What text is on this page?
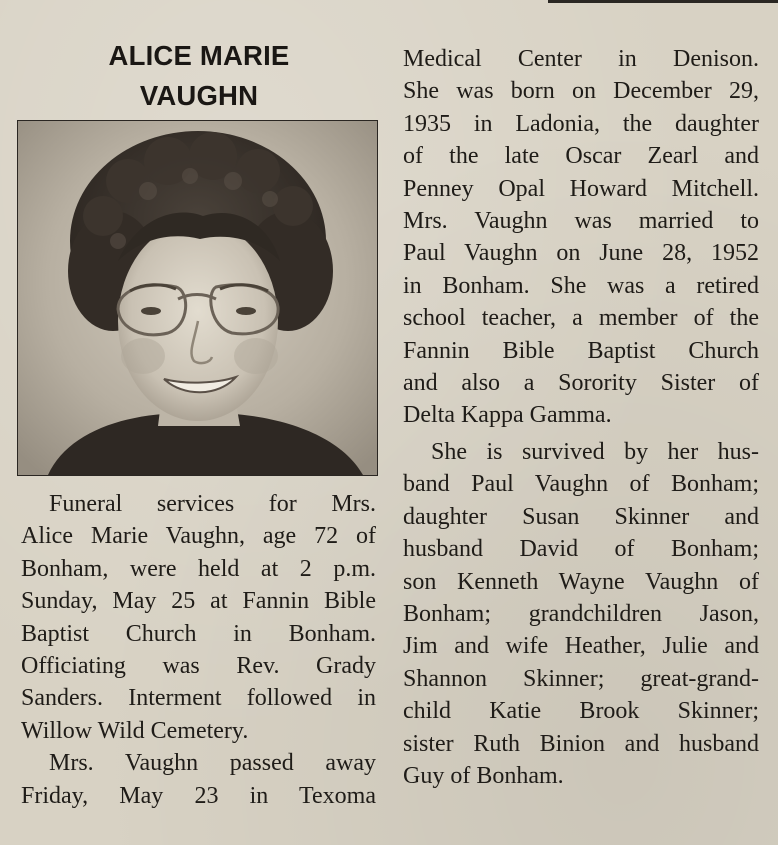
ALICE MARIE
VAUGHN
Funeral services for Mrs.
Alice Marie Vaughn, age 72 of
Bonham, were held at 2 p.m.
Sunday, May 25 at Fannin Bible
Baptist Church in Bonham.
Officiating was Rev. Grady
Sanders. Interment followed in
Willow Wild Cemetery.
Mrs. Vaughn passed away
Friday, May 23 in Texoma
Medical Center in Denison.
She was born on December 29,
1935 in Ladonia, the daughter
of the late Oscar Zearl and
Penney Opal Howard Mitchell.
Mrs. Vaughn was married to
Paul Vaughn on June 28, 1952
in Bonham. She was a retired
school teacher, a member of the
Fannin Bible Baptist Church
and also a Sorority Sister of
Delta Kappa Gamma.
She is survived by her hus-
band Paul Vaughn of Bonham;
daughter Susan Skinner and
husband David of Bonham;
son Kenneth Wayne Vaughn of
Bonham; grandchildren Jason,
Jim and wife Heather, Julie and
Shannon Skinner; great-grand-
child Katie Brook Skinner;
sister Ruth Binion and husband
Guy of Bonham.
